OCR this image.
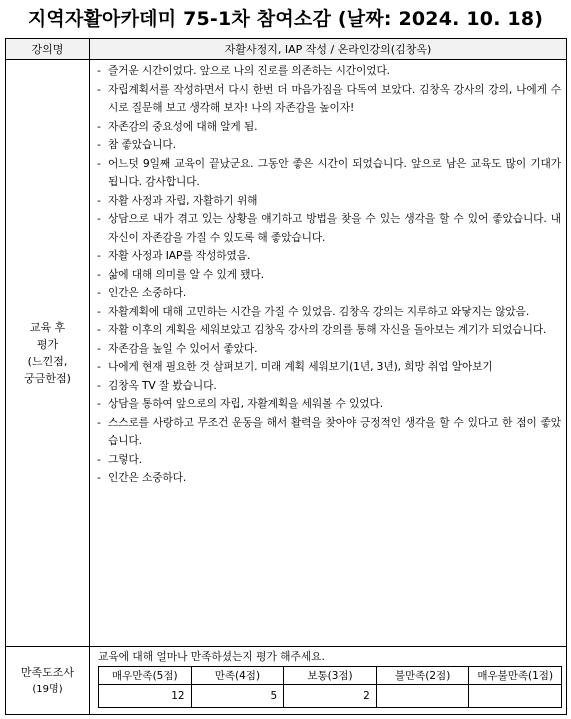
지역자활아카데미 75-1차 참여소감 (날짜: 2024. 10. 18)
강의명	자활사정지, IAP 작성 / 온라인강의(김창옥)

교육 후
평가
(느낀점,
궁금한점)

- 즐거운 시간이었다. 앞으로 나의 진로를 의존하는 시간이었다.
- 자립계획서를 작성하면서 다시 한번 더 마음가짐을 다독여 보았다. 김창옥 강사의 강의, 나에게 수시로 질문해 보고 생각해 보자! 나의 자존감을 높이자!
- 자존감의 중요성에 대해 알게 됨.
- 참 좋았습니다.
- 어느덧 9일째 교육이 끝났군요. 그동안 좋은 시간이 되었습니다. 앞으로 남은 교육도 많이 기대가 됩니다. 감사합니다.
- 자활 사정과 자립, 자활하기 위해
- 상담으로 내가 겪고 있는 상황을 얘기하고 방법을 찾을 수 있는 생각을 할 수 있어 좋았습니다. 내 자신이 자존감을 가질 수 있도록 해 좋았습니다.
- 자활 사정과 IAP를 작성하였음.
- 삶에 대해 의미를 알 수 있게 됐다.
- 인간은 소중하다.
- 자활계획에 대해 고민하는 시간을 가질 수 있었음. 김창옥 강의는 지루하고 와닿지는 않았음.
- 자활 이후의 계획을 세워보았고 김창옥 강사의 강의를 통해 자신을 돌아보는 계기가 되었습니다.
- 자존감을 높일 수 있어서 좋았다.
- 나에게 현재 필요한 것 살펴보기. 미래 계획 세워보기(1년, 3년), 희망 취업 알아보기
- 김창옥 TV 잘 봤습니다.
- 상담을 통하여 앞으로의 자립, 자활계획을 세워볼 수 있었다.
- 스스로를 사랑하고 무조건 운동을 해서 활력을 찾아야 긍정적인 생각을 할 수 있다고 한 점이 좋았습니다.
- 그렇다.
- 인간은 소중하다.

만족도조사
(19명)

교육에 대해 얼마나 만족하셨는지 평가 해주세요.
매우만족(5점)	만족(4점)	보통(3점)	불만족(2점)	매우불만족(1점)
12	5	2		
